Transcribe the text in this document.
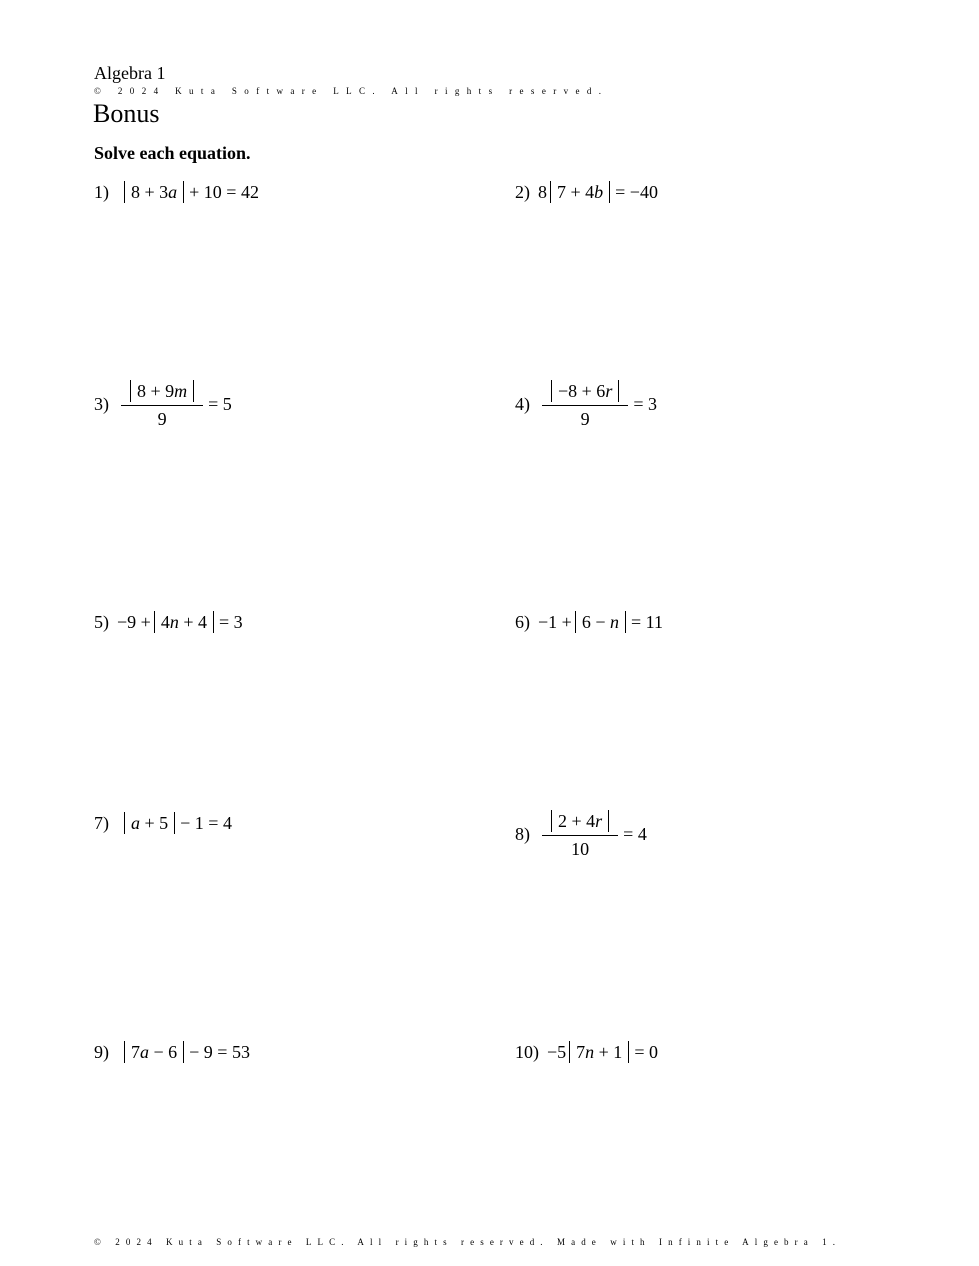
Algebra 1
© 2024 Kuta Software LLC. All rights reserved.
Bonus
Solve each equation.
1)	8 + 3a + 10 = 42	2) 8 7 + 4b = −40
$3) \frac{8 + 9m}{9} = 5$	$4) \frac{-8 + 6r}{9} = 3$
5) −9 + 4n + 4 = 3	6) −1 + 6 − n = 11
7)	a + 5 − 1 = 4
$8) \frac{2 + 4r}{10} = 4$
9)	7a − 6 − 9 = 53	10) −5 7n + 1 = 0
© 2024 Kuta Software LLC. All rights reserved. Made with Infinite Algebra 1.
